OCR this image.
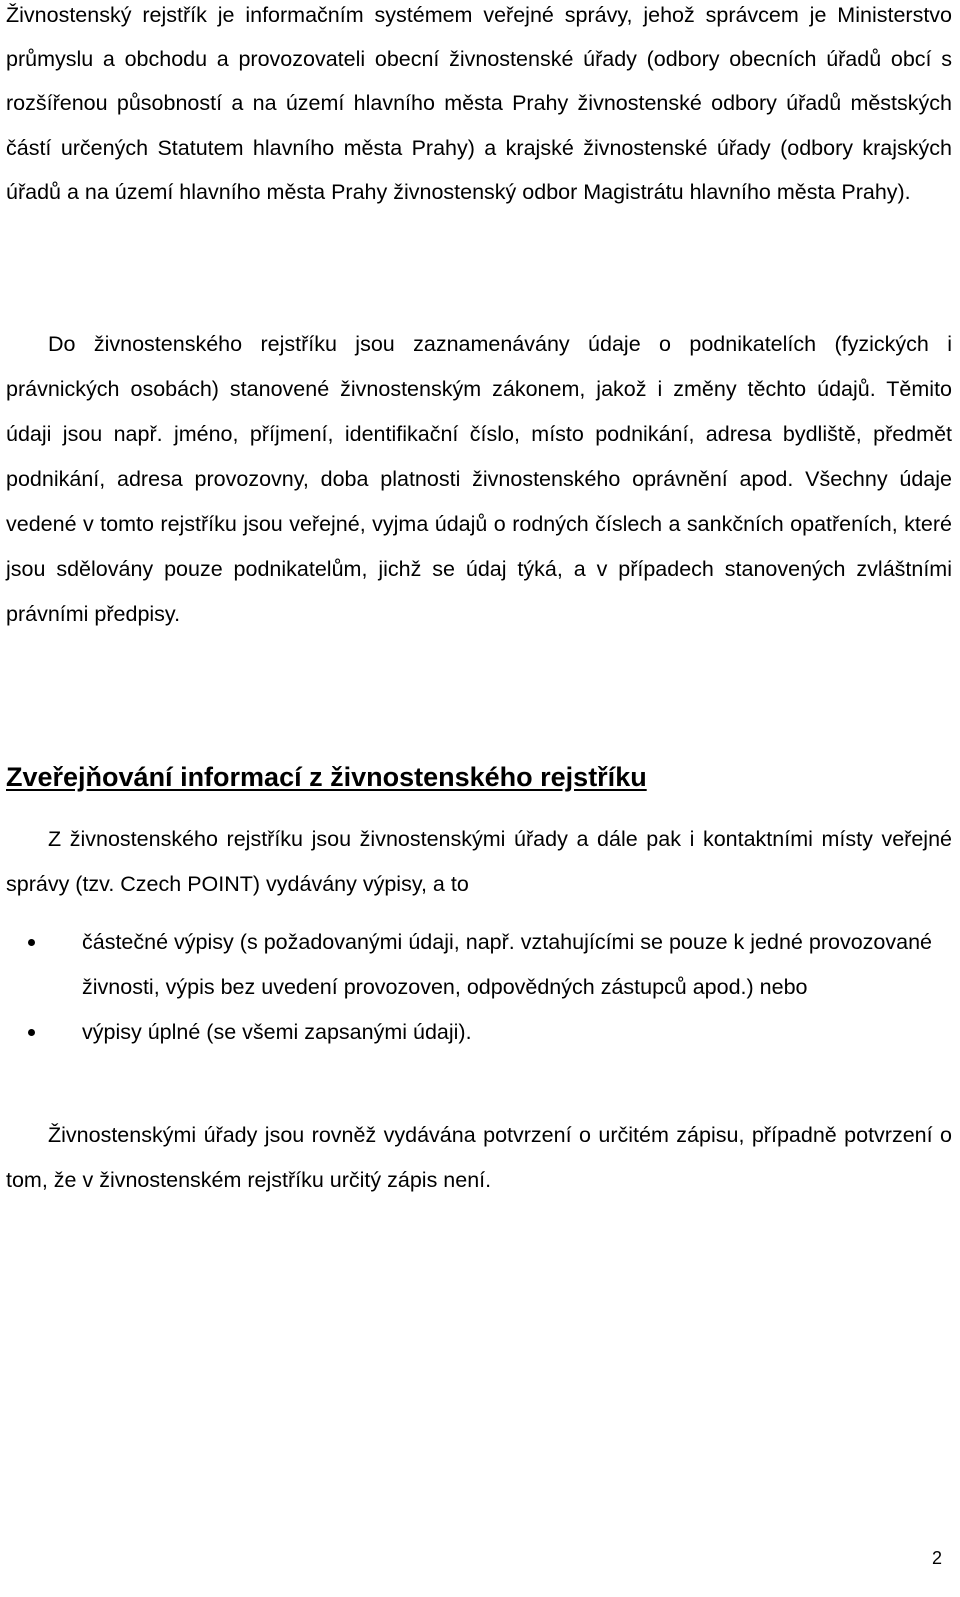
Živnostenský rejstřík je informačním systémem veřejné správy, jehož správcem je Ministerstvo průmyslu a obchodu a provozovateli obecní živnostenské úřady (odbory obecních úřadů obcí s rozšířenou působností a na území hlavního města Prahy živnostenské odbory úřadů městských částí určených Statutem hlavního města Prahy) a krajské živnostenské úřady (odbory krajských úřadů a na území hlavního města Prahy živnostenský odbor Magistrátu hlavního města Prahy).

Do živnostenského rejstříku jsou zaznamenávány údaje o podnikatelích (fyzických i právnických osobách) stanovené živnostenským zákonem, jakož i změny těchto údajů. Těmito údaji jsou např. jméno, příjmení, identifikační číslo, místo podnikání, adresa bydliště, předmět podnikání, adresa provozovny, doba platnosti živnostenského oprávnění apod. Všechny údaje vedené v tomto rejstříku jsou veřejné, vyjma údajů o rodných číslech a sankčních opatřeních, které jsou sdělovány pouze podnikatelům, jichž se údaj týká, a v případech stanovených zvláštními právními předpisy.

Zveřejňování informací z živnostenského rejstříku

Z živnostenského rejstříku jsou živnostenskými úřady a dále pak i kontaktními místy veřejné správy (tzv. Czech POINT) vydávány výpisy, a to

částečné výpisy (s požadovanými údaji, např. vztahujícími se pouze k jedné provozované živnosti, výpis bez uvedení provozoven, odpovědných zástupců apod.) nebo
výpisy úplné (se všemi zapsanými údaji).

Živnostenskými úřady jsou rovněž vydávána potvrzení o určitém zápisu, případně potvrzení o tom, že v živnostenském rejstříku určitý zápis není.

2
